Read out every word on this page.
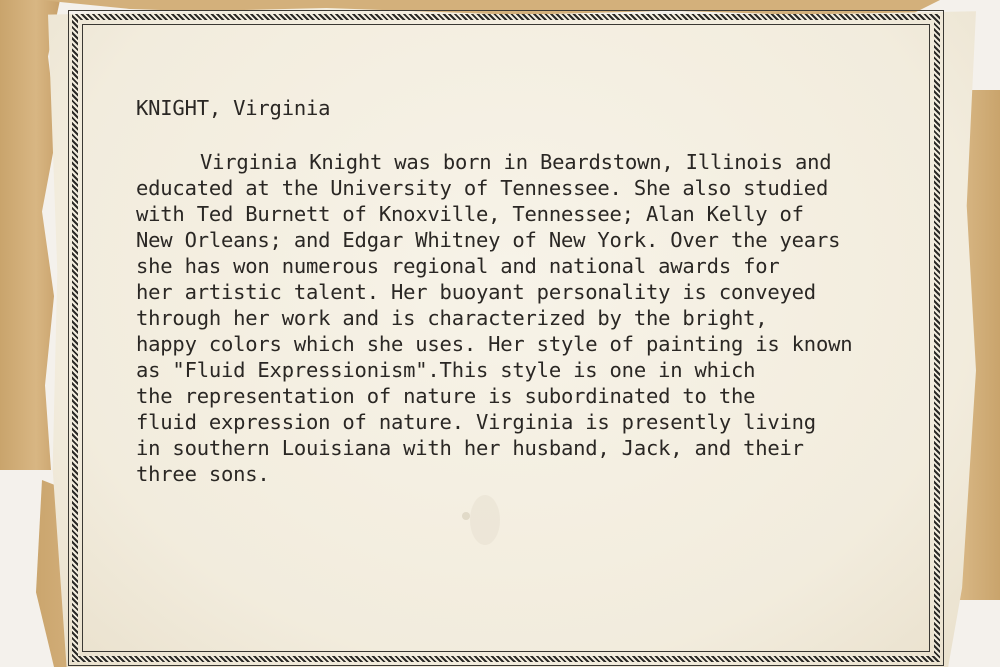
KNIGHT, Virginia
Virginia Knight was born in Beardstown, Illinois and
educated at the University of Tennessee. She also studied
with Ted Burnett of Knoxville, Tennessee; Alan Kelly of
New Orleans; and Edgar Whitney of New York. Over the years
she has won numerous regional and national awards for
her artistic talent. Her buoyant personality is conveyed
through her work and is characterized by the bright,
happy colors which she uses. Her style of painting is known
as "Fluid Expressionism".This style is one in which
the representation of nature is subordinated to the
fluid expression of nature. Virginia is presently living
in southern Louisiana with her husband, Jack, and their
three sons.
